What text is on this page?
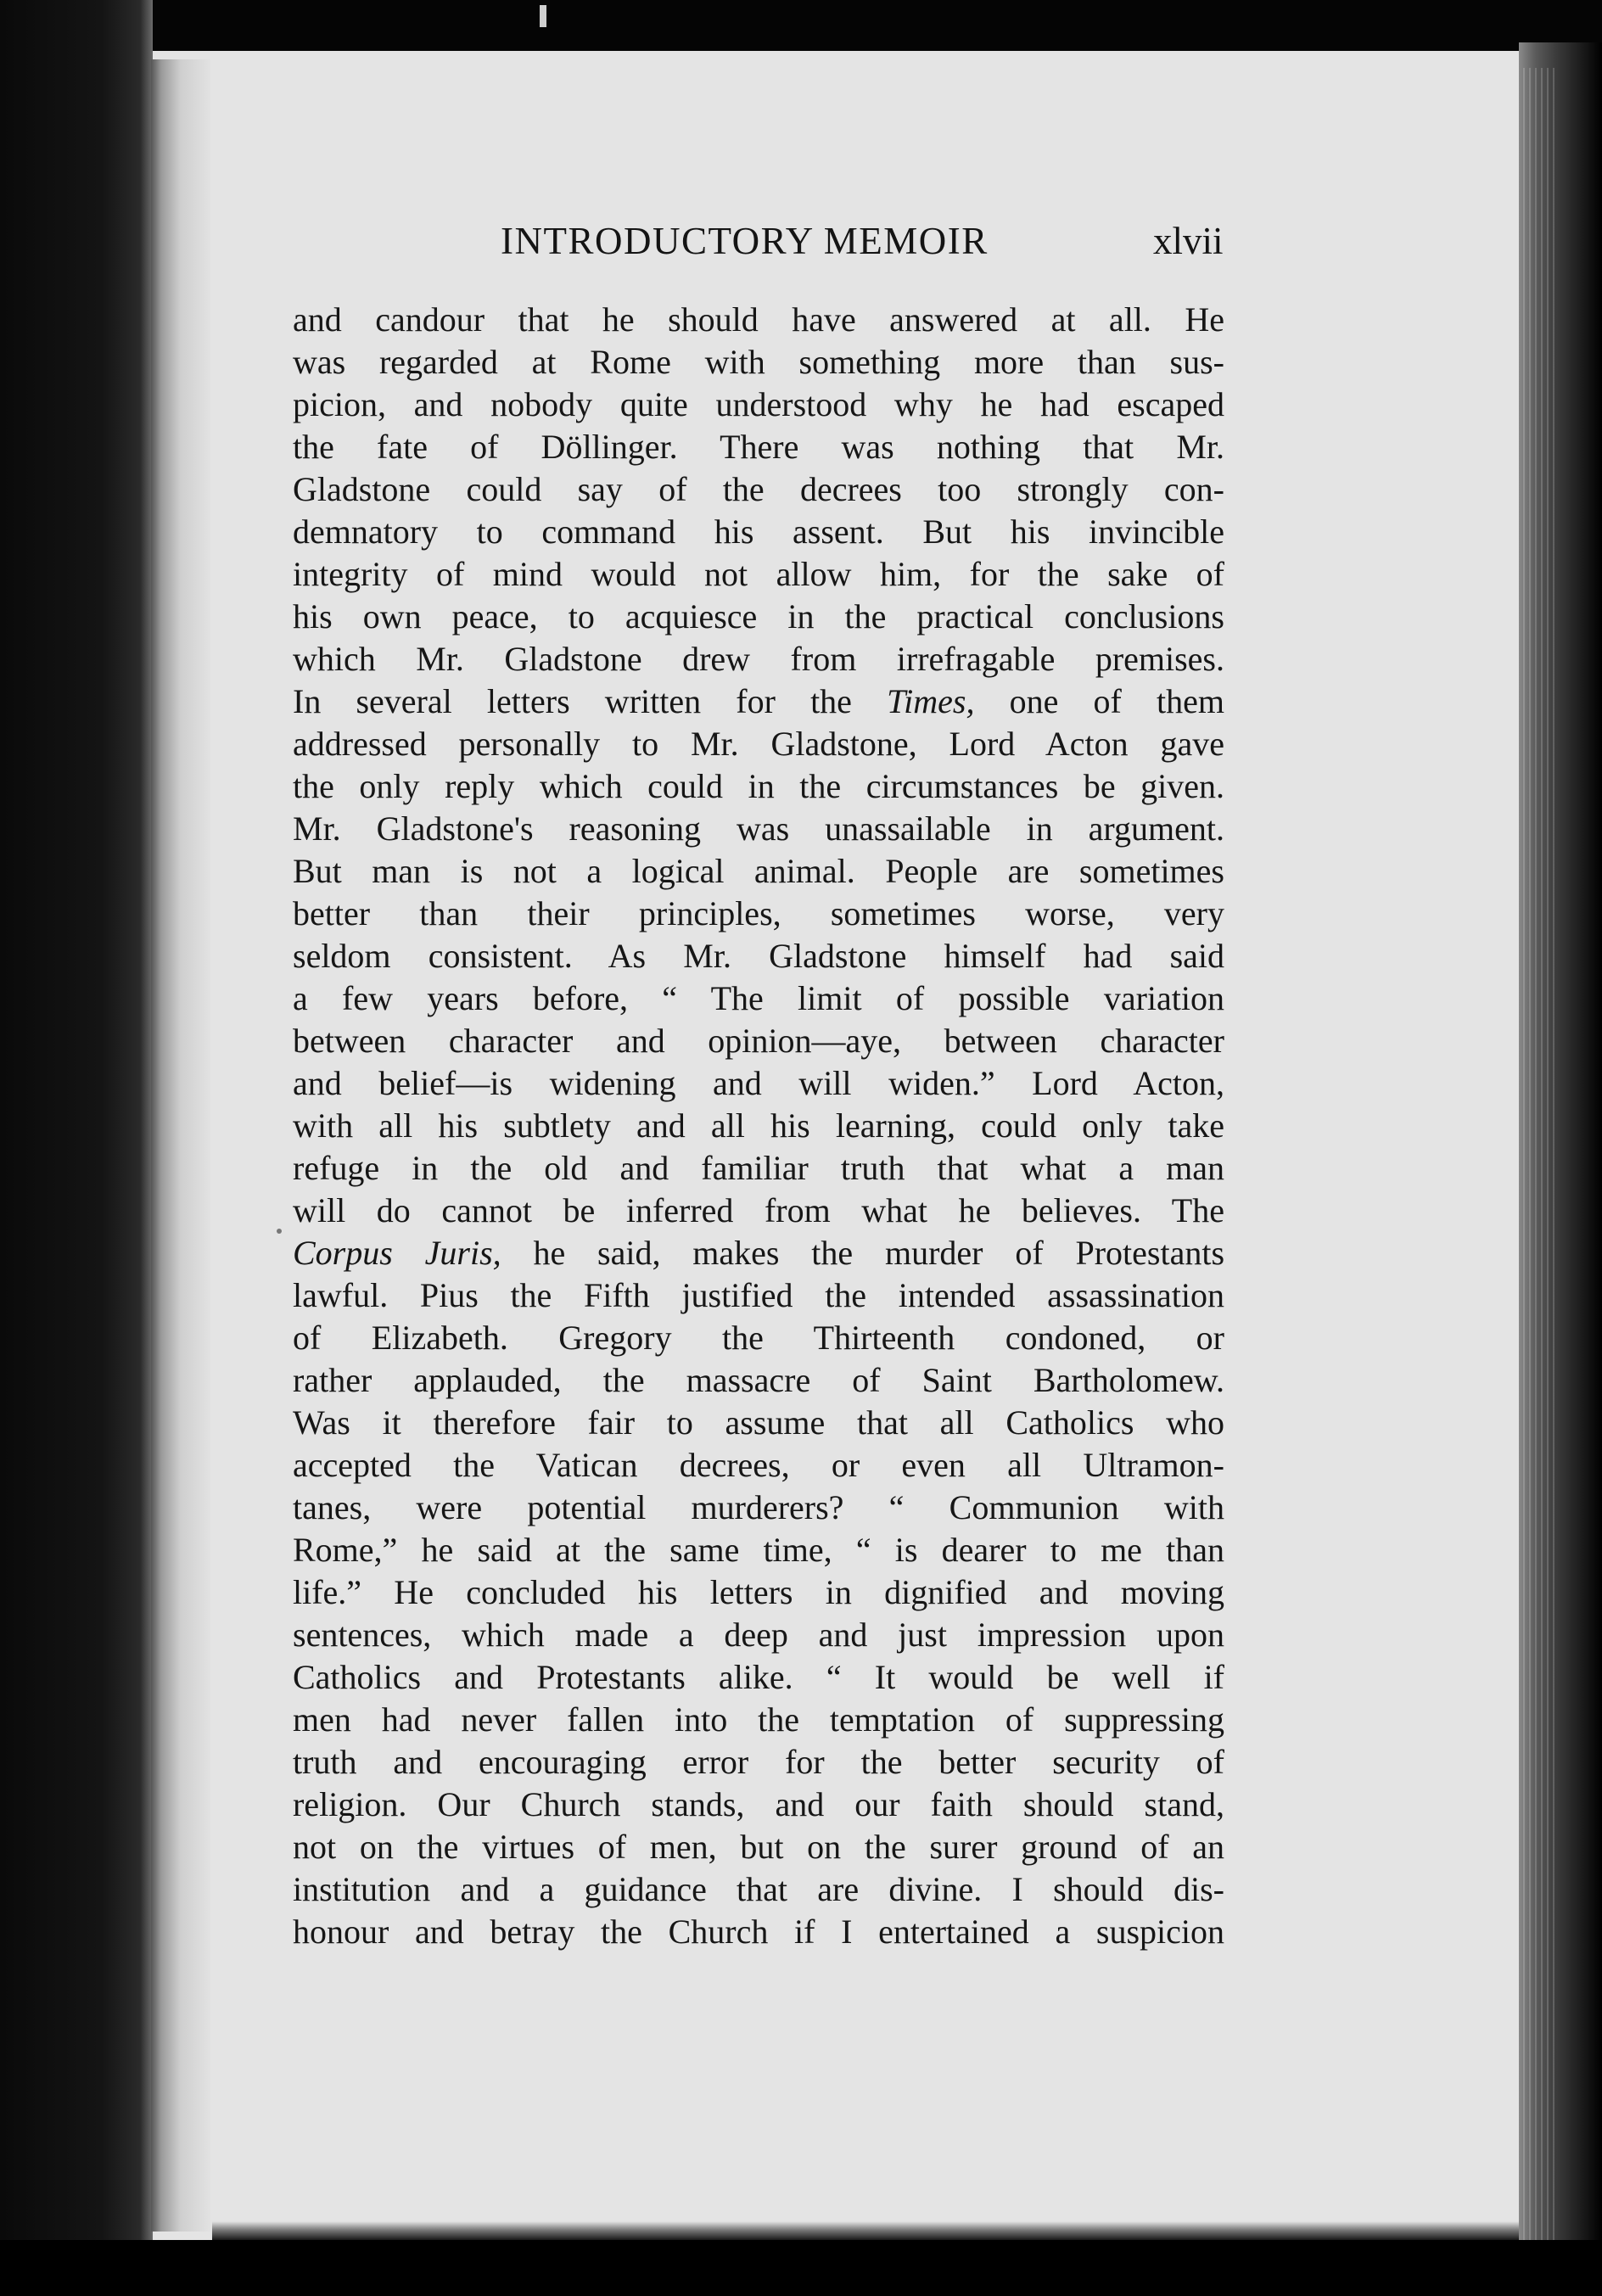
INTRODUCTORY MEMOIR	xlvii
and candour that he should have answered at all. He
was regarded at Rome with something more than sus-
picion, and nobody quite understood why he had escaped
the fate of Döllinger. There was nothing that Mr.
Gladstone could say of the decrees too strongly con-
demnatory to command his assent. But his invincible
integrity of mind would not allow him, for the sake of
his own peace, to acquiesce in the practical conclusions
which Mr. Gladstone drew from irrefragable premises.
In several letters written for the Times, one of them
addressed personally to Mr. Gladstone, Lord Acton gave
the only reply which could in the circumstances be given.
Mr. Gladstone's reasoning was unassailable in argument.
But man is not a logical animal. People are sometimes
better than their principles, sometimes worse, very
seldom consistent. As Mr. Gladstone himself had said
a few years before, “ The limit of possible variation
between character and opinion—aye, between character
and belief—is widening and will widen.” Lord Acton,
with all his subtlety and all his learning, could only take
refuge in the old and familiar truth that what a man
will do cannot be inferred from what he believes. The
Corpus Juris, he said, makes the murder of Protestants
lawful. Pius the Fifth justified the intended assassination
of Elizabeth. Gregory the Thirteenth condoned, or
rather applauded, the massacre of Saint Bartholomew.
Was it therefore fair to assume that all Catholics who
accepted the Vatican decrees, or even all Ultramon-
tanes, were potential murderers? “ Communion with
Rome,” he said at the same time, “ is dearer to me than
life.” He concluded his letters in dignified and moving
sentences, which made a deep and just impression upon
Catholics and Protestants alike. “ It would be well if
men had never fallen into the temptation of suppressing
truth and encouraging error for the better security of
religion. Our Church stands, and our faith should stand,
not on the virtues of men, but on the surer ground of an
institution and a guidance that are divine. I should dis-
honour and betray the Church if I entertained a suspicion
